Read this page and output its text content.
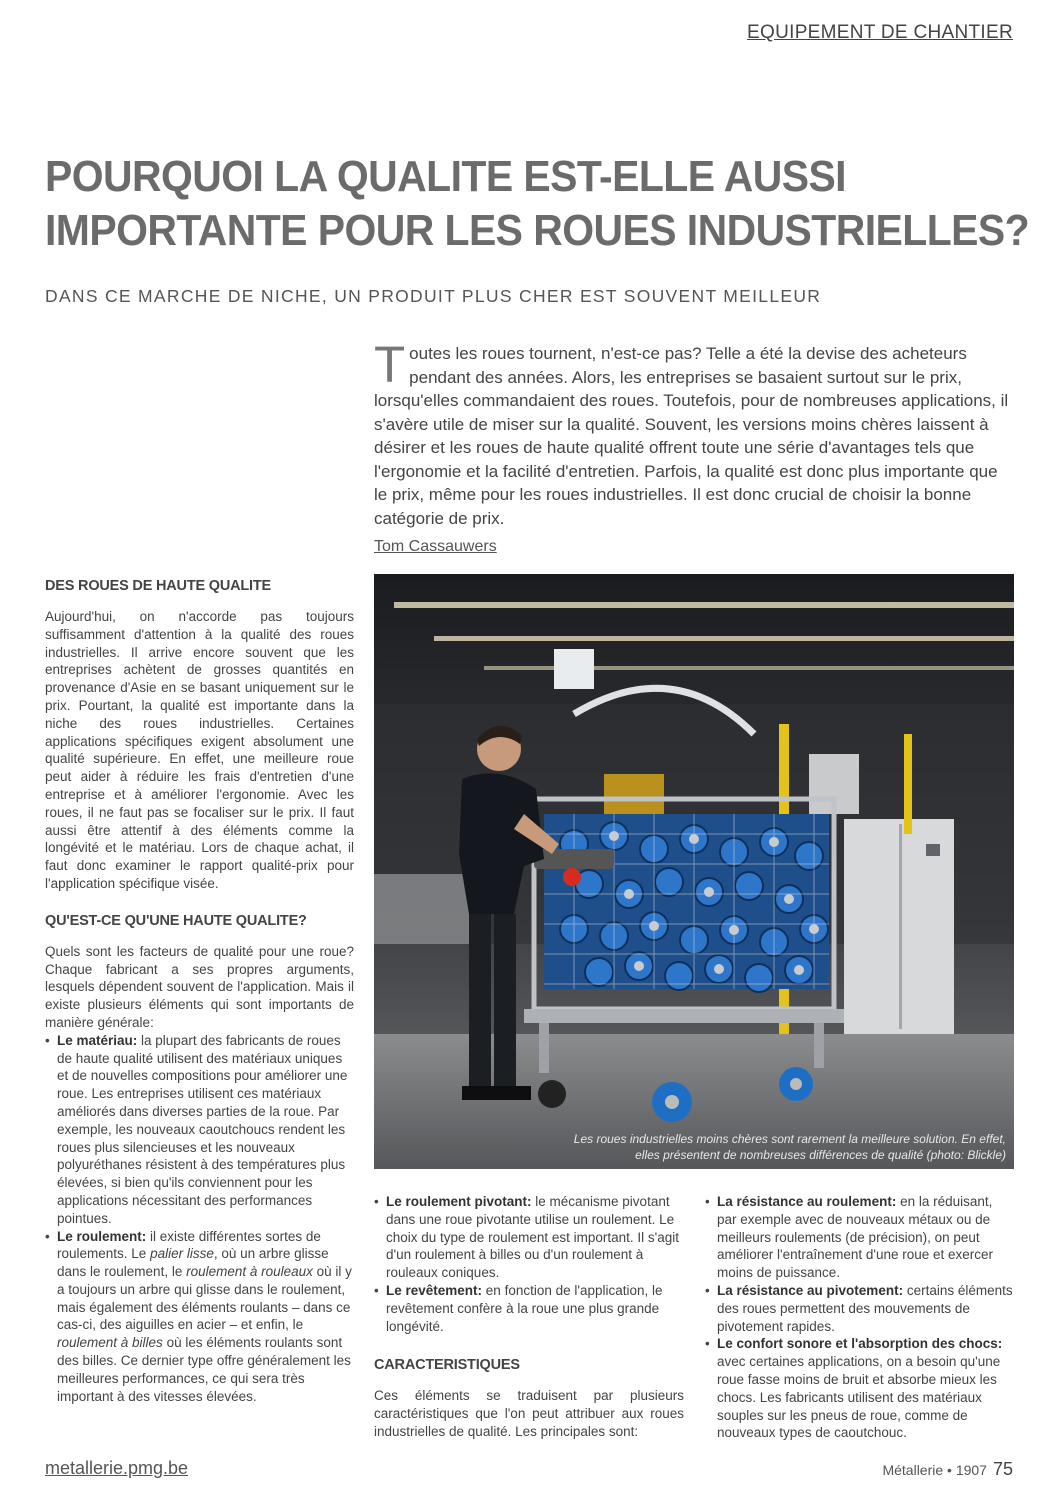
EQUIPEMENT DE CHANTIER
POURQUOI LA QUALITE EST-ELLE AUSSI
IMPORTANTE POUR LES ROUES INDUSTRIELLES?
DANS CE MARCHE DE NICHE, UN PRODUIT PLUS CHER EST SOUVENT MEILLEUR
Toutes les roues tournent, n'est-ce pas? Telle a été la devise des acheteurs pendant des années. Alors, les entreprises se basaient surtout sur le prix, lorsqu'elles commandaient des roues. Toutefois, pour de nombreuses applications, il s'avère utile de miser sur la qualité. Souvent, les versions moins chères laissent à désirer et les roues de haute qualité offrent toute une série d'avantages tels que l'ergonomie et la facilité d'entretien. Parfois, la qualité est donc plus importante que le prix, même pour les roues industrielles. Il est donc crucial de choisir la bonne catégorie de prix.
Tom Cassauwers
DES ROUES DE HAUTE QUALITE

Aujourd'hui, on n'accorde pas toujours suffisamment d'attention à la qualité des roues industrielles. Il arrive encore souvent que les entreprises achètent de grosses quantités en provenance d'Asie en se basant uniquement sur le prix. Pourtant, la qualité est importante dans la niche des roues industrielles. Certaines applications spécifiques exigent absolument une qualité supérieure. En effet, une meilleure roue peut aider à réduire les frais d'entretien d'une entreprise et à améliorer l'ergonomie. Avec les roues, il ne faut pas se focaliser sur le prix. Il faut aussi être attentif à des éléments comme la longévité et le matériau. Lors de chaque achat, il faut donc examiner le rapport qualité-prix pour l'application spécifique visée.

QU'EST-CE QU'UNE HAUTE QUALITE?

Quels sont les facteurs de qualité pour une roue? Chaque fabricant a ses propres arguments, lesquels dépendent souvent de l'application. Mais il existe plusieurs éléments qui sont importants de manière générale:

• Le matériau: la plupart des fabricants de roues de haute qualité utilisent des matériaux uniques et de nouvelles compositions pour améliorer une roue. Les entreprises utilisent ces matériaux améliorés dans diverses parties de la roue. Par exemple, les nouveaux caoutchoucs rendent les roues plus silencieuses et les nouveaux polyuréthanes résistent à des températures plus élevées, si bien qu'ils conviennent pour les applications nécessitant des performances pointues.
• Le roulement: il existe différentes sortes de roulements. Le palier lisse, où un arbre glisse dans le roulement, le roulement à rouleaux où il y a toujours un arbre qui glisse dans le roulement, mais également des éléments roulants – dans ce cas-ci, des aiguilles en acier – et enfin, le roulement à billes où les éléments roulants sont des billes. Ce dernier type offre généralement les meilleures performances, ce qui sera très important à des vitesses élevées.
Les roues industrielles moins chères sont rarement la meilleure solution. En effet,
elles présentent de nombreuses différences de qualité (photo: Blickle)
• Le roulement pivotant: le mécanisme pivotant dans une roue pivotante utilise un roulement. Le choix du type de roulement est important. Il s'agit d'un roulement à billes ou d'un roulement à rouleaux coniques.
• Le revêtement: en fonction de l'application, le revêtement confère à la roue une plus grande longévité.
CARACTERISTIQUES

Ces éléments se traduisent par plusieurs caractéristiques que l'on peut attribuer aux roues industrielles de qualité. Les principales sont:

• La résistance au roulement: en la réduisant, par exemple avec de nouveaux métaux ou de meilleurs roulements (de précision), on peut améliorer l'entraînement d'une roue et exercer moins de puissance.
• La résistance au pivotement: certains éléments des roues permettent des mouvements de pivotement rapides.
• Le confort sonore et l'absorption des chocs: avec certaines applications, on a besoin qu'une roue fasse moins de bruit et absorbe mieux les chocs. Les fabricants utilisent des matériaux souples sur les pneus de roue, comme de nouveaux types de caoutchouc.
metallerie.pmg.be	Métallerie • 1907 75
